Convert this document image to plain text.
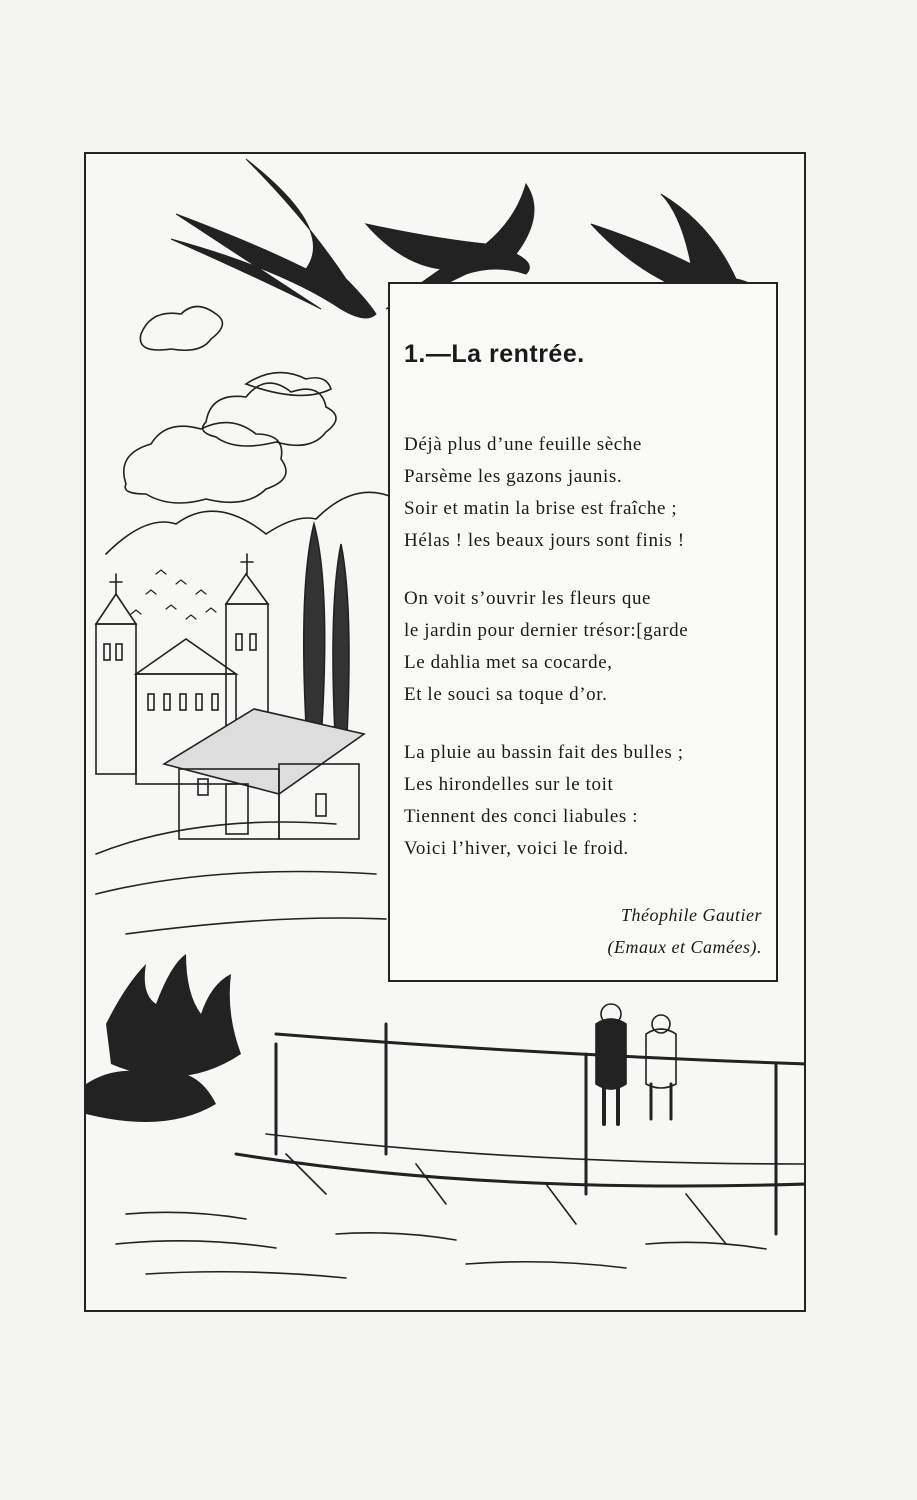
1.—La rentrée.
Déjà plus d’une feuille sèche
Parsème les gazons jaunis.
Soir et matin la brise est fraîche ;
Hélas ! les beaux jours sont finis !
On voit s’ouvrir les fleurs que
le jardin pour dernier trésor:[garde
Le dahlia met sa cocarde,
Et le souci sa toque d’or.
La pluie au bassin fait des bulles ;
Les hirondelles sur le toit
Tiennent des conci liabules :
Voici l’hiver, voici le froid.
Théophile Gautier
(Emaux et Camées).
